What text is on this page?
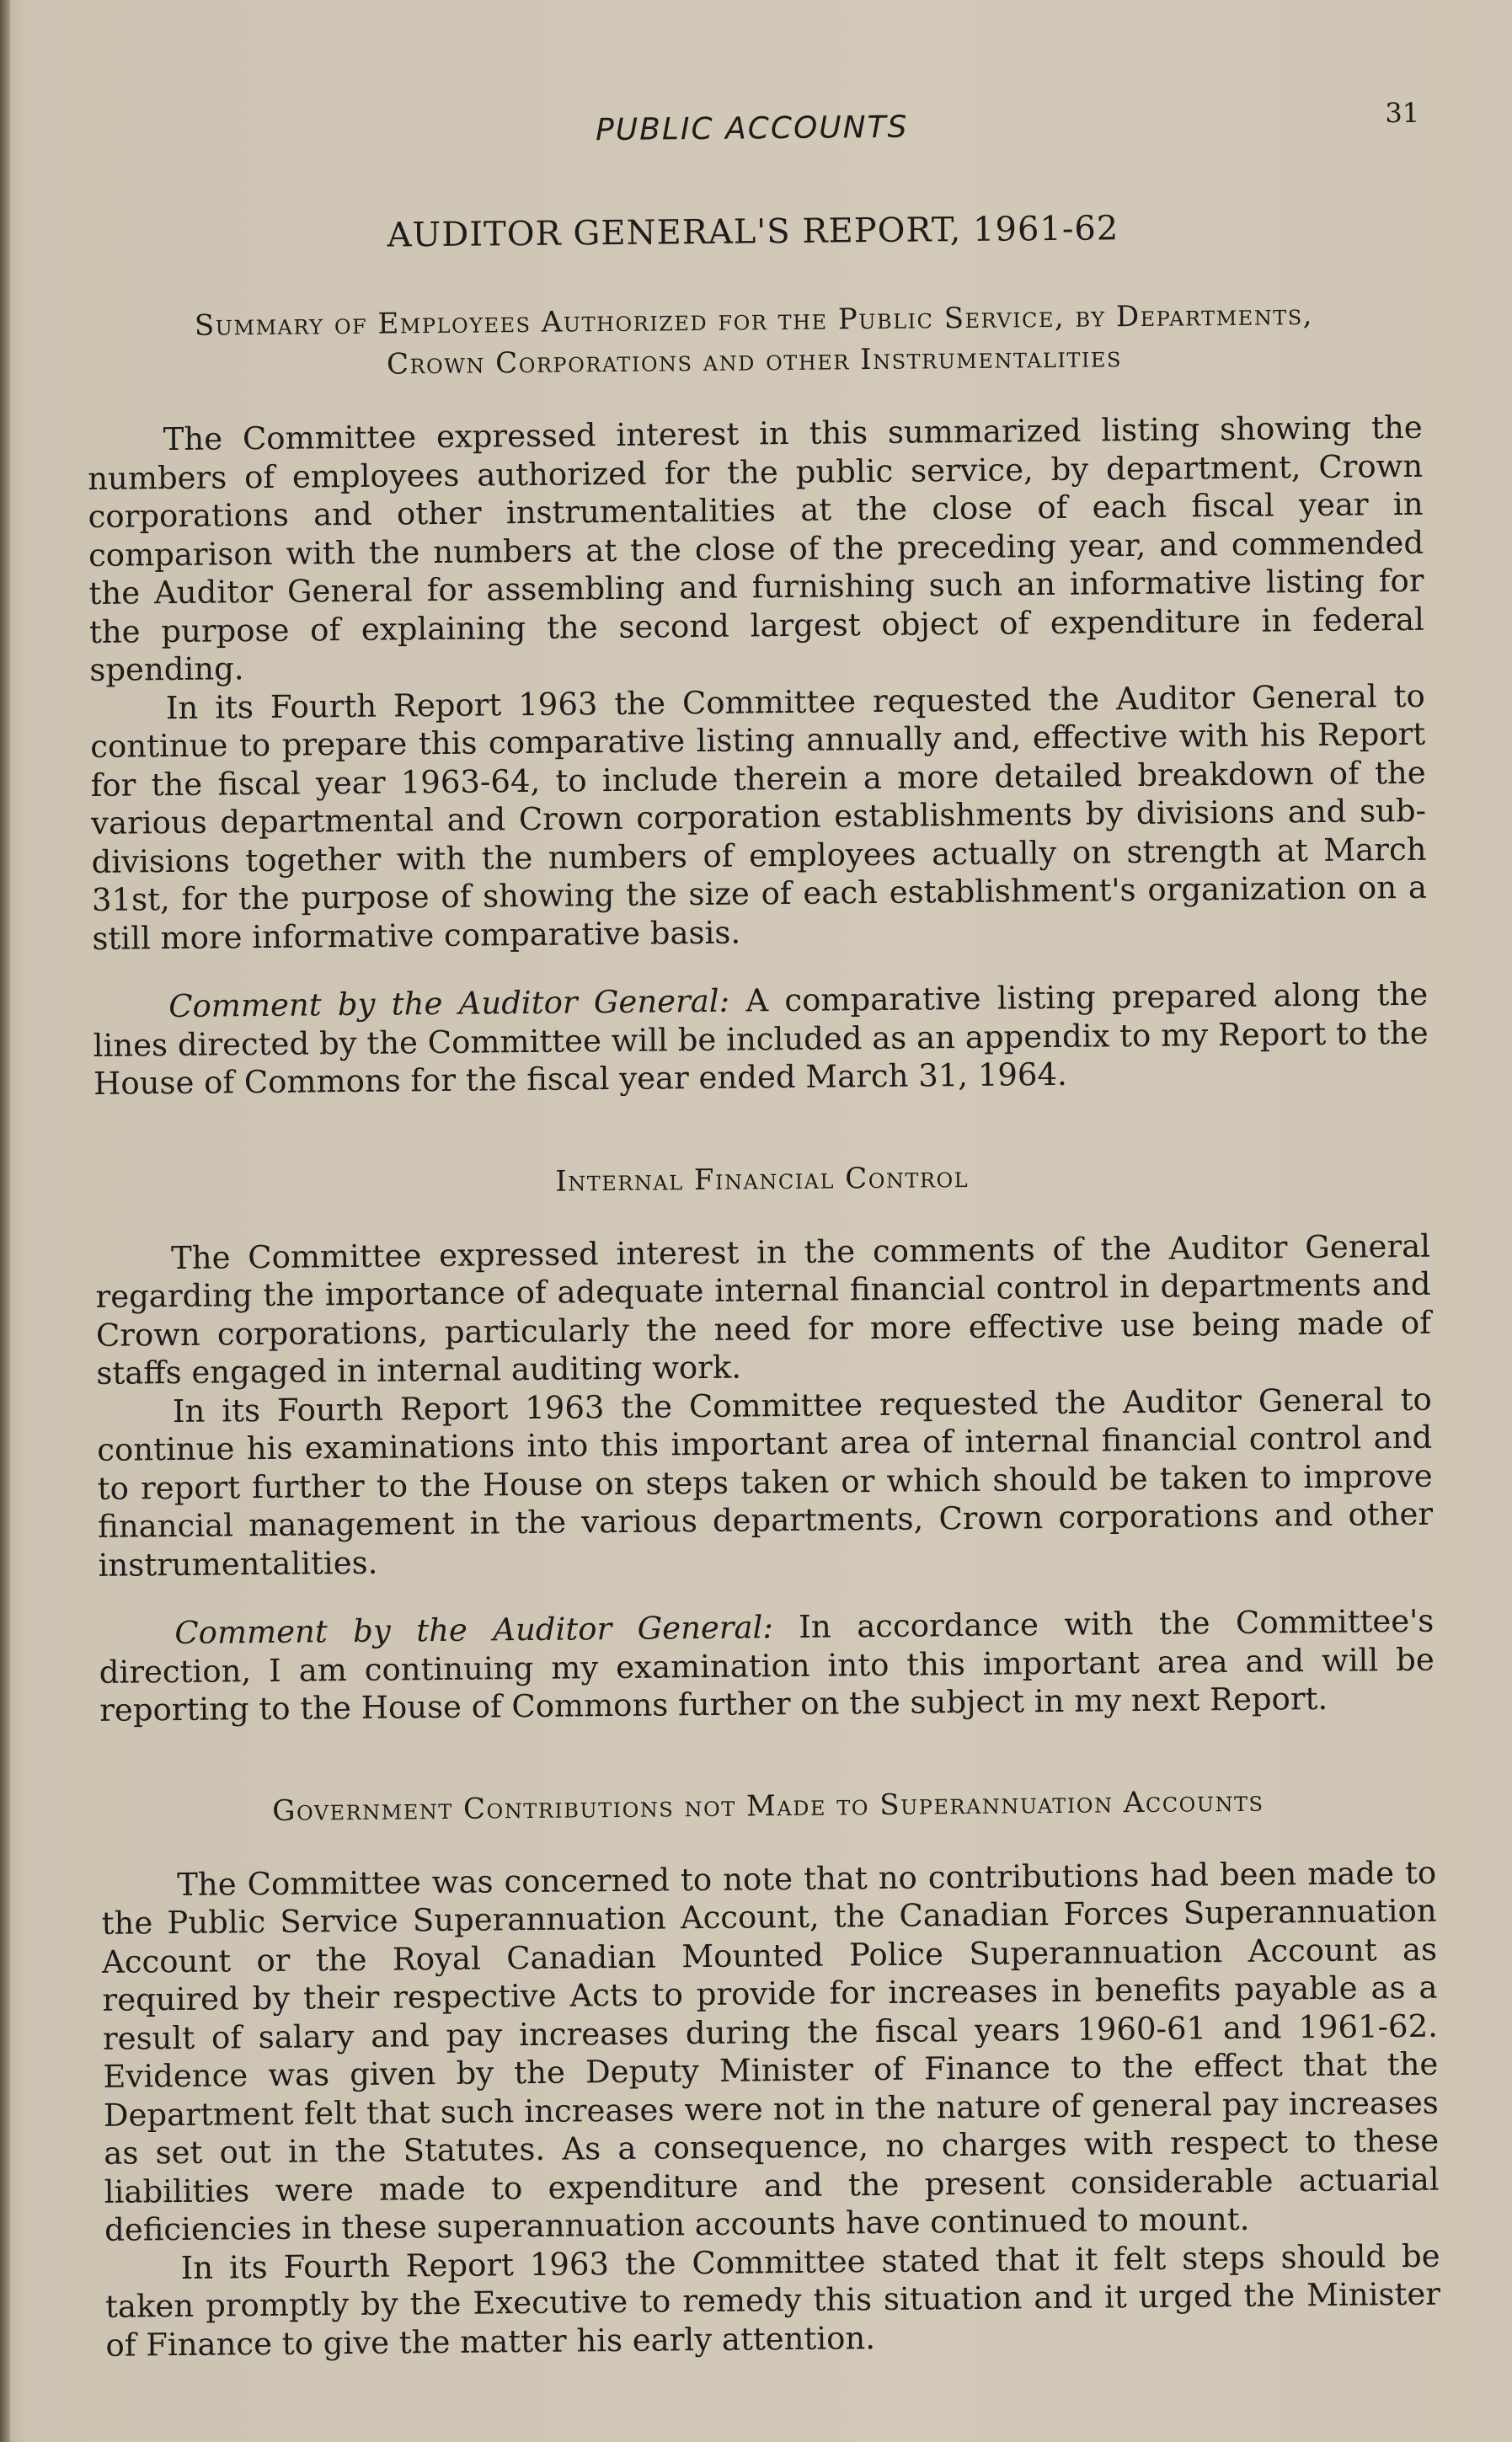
PUBLIC ACCOUNTS	31
AUDITOR GENERAL'S REPORT, 1961-62
Summary of Employees Authorized for the Public Service, by Departments,
Crown Corporations and other Instrumentalities

The Committee expressed interest in this summarized listing showing the numbers of employees authorized for the public service, by department, Crown corporations and other instrumentalities at the close of each fiscal year in comparison with the numbers at the close of the preceding year, and commended the Auditor General for assembling and furnishing such an informative listing for the purpose of explaining the second largest object of expenditure in federal spending.

In its Fourth Report 1963 the Committee requested the Auditor General to continue to prepare this comparative listing annually and, effective with his Report for the fiscal year 1963-64, to include therein a more detailed breakdown of the various departmental and Crown corporation establishments by divisions and sub-divisions together with the numbers of employees actually on strength at March 31st, for the purpose of showing the size of each establishment's organization on a still more informative comparative basis.

Comment by the Auditor General: A comparative listing prepared along the lines directed by the Committee will be included as an appendix to my Report to the House of Commons for the fiscal year ended March 31, 1964.

Internal Financial Control

The Committee expressed interest in the comments of the Auditor General regarding the importance of adequate internal financial control in departments and Crown corporations, particularly the need for more effective use being made of staffs engaged in internal auditing work.

In its Fourth Report 1963 the Committee requested the Auditor General to continue his examinations into this important area of internal financial control and to report further to the House on steps taken or which should be taken to improve financial management in the various departments, Crown corporations and other instrumentalities.

Comment by the Auditor General: In accordance with the Committee's direction, I am continuing my examination into this important area and will be reporting to the House of Commons further on the subject in my next Report.

Government Contributions not Made to Superannuation Accounts

The Committee was concerned to note that no contributions had been made to the Public Service Superannuation Account, the Canadian Forces Superannuation Account or the Royal Canadian Mounted Police Superannuation Account as required by their respective Acts to provide for increases in benefits payable as a result of salary and pay increases during the fiscal years 1960-61 and 1961-62. Evidence was given by the Deputy Minister of Finance to the effect that the Department felt that such increases were not in the nature of general pay increases as set out in the Statutes. As a consequence, no charges with respect to these liabilities were made to expenditure and the present considerable actuarial deficiencies in these superannuation accounts have continued to mount.

In its Fourth Report 1963 the Committee stated that it felt steps should be taken promptly by the Executive to remedy this situation and it urged the Minister of Finance to give the matter his early attention.
